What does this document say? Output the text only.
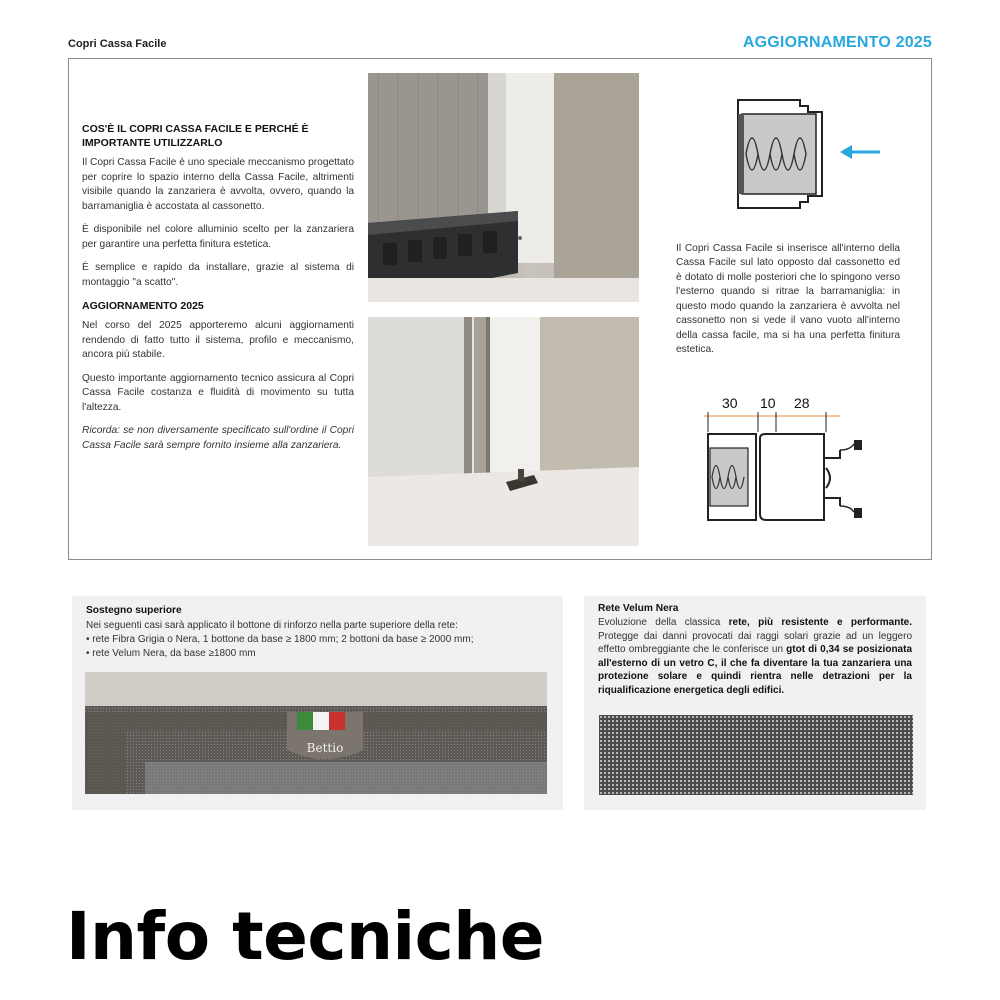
Copri Cassa Facile	AGGIORNAMENTO 2025
COS'È IL COPRI CASSA FACILE E PERCHÉ È IMPORTANTE UTILIZZARLO

Il Copri Cassa Facile è uno speciale meccanismo progettato per coprire lo spazio interno della Cassa Facile, altrimenti visibile quando la zanzariera è avvolta, ovvero, quando la barramaniglia è accostata al cassonetto.

È disponibile nel colore alluminio scelto per la zanzariera per garantire una perfetta finitura estetica.

È semplice e rapido da installare, grazie al sistema di montaggio "a scatto".

AGGIORNAMENTO 2025

Nel corso del 2025 apporteremo alcuni aggiornamenti rendendo di fatto tutto il sistema, profilo e meccanismo, ancora più stabile.

Questo importante aggiornamento tecnico assicura al Copri Cassa Facile costanza e fluidità di movimento su tutta l'altezza.

Ricorda: se non diversamente specificato sull'ordine il Copri Cassa Facile sarà sempre fornito insieme alla zanzariera.

Il Copri Cassa Facile si inserisce all'interno della Cassa Facile sul lato opposto dal cassonetto ed è dotato di molle posteriori che lo spingono verso l'esterno quando si ritrae la barramaniglia: in questo modo quando la zanzariera è avvolta nel cassonetto non si vede il vano vuoto all'interno della cassa facile, ma si ha una perfetta finitura estetica.
30 10 28
Sostegno superiore
Nei seguenti casi sarà applicato il bottone di rinforzo nella parte superiore della rete:
• rete Fibra Grigia o Nera, 1 bottone da base ≥ 1800 mm; 2 bottoni da base ≥ 2000 mm;
• rete Velum Nera, da base ≥1800 mm
Bettio
Rete Velum Nera
Evoluzione della classica rete, più resistente e performante. Protegge dai danni provocati dai raggi solari grazie ad un leggero effetto ombreggiante che le conferisce un gtot di 0,34 se posizionata all'esterno di un vetro C, il che fa diventare la tua zanzariera una protezione solare e quindi rientra nelle detrazioni per la riqualificazione energetica degli edifici.
Info tecniche
